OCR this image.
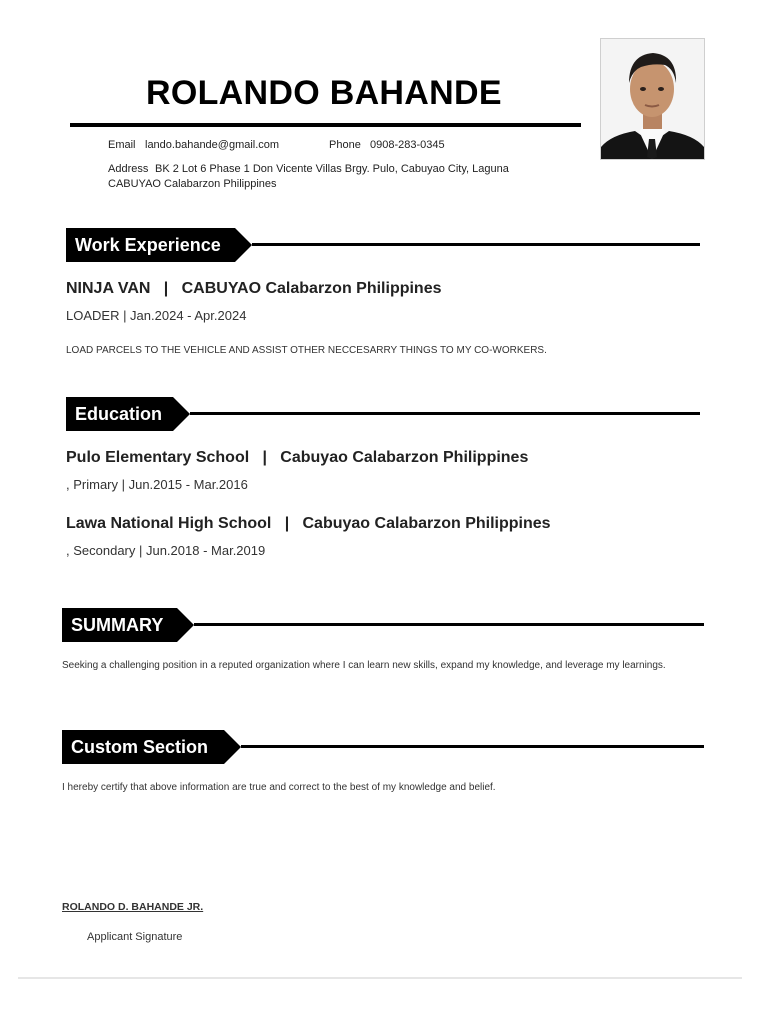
ROLANDO BAHANDE
Email lando.bahande@gmail.com	Phone 0908-283-0345
Address BK 2 Lot 6 Phase 1 Don Vicente Villas Brgy. Pulo, Cabuyao City, Laguna
CABUYAO Calabarzon Philippines
Work Experience
NINJA VAN   |   CABUYAO Calabarzon Philippines
LOADER | Jan.2024 - Apr.2024
LOAD PARCELS TO THE VEHICLE AND ASSIST OTHER NECCESARRY THINGS TO MY CO-WORKERS.
Education
Pulo Elementary School   |   Cabuyao Calabarzon Philippines
, Primary | Jun.2015 - Mar.2016
Lawa National High School   |   Cabuyao Calabarzon Philippines
, Secondary | Jun.2018 - Mar.2019
SUMMARY
Seeking a challenging position in a reputed organization where I can learn new skills, expand my knowledge, and leverage my learnings.
Custom Section
I hereby certify that above information are true and correct to the best of my knowledge and belief.
ROLANDO D. BAHANDE JR.
Applicant Signature
